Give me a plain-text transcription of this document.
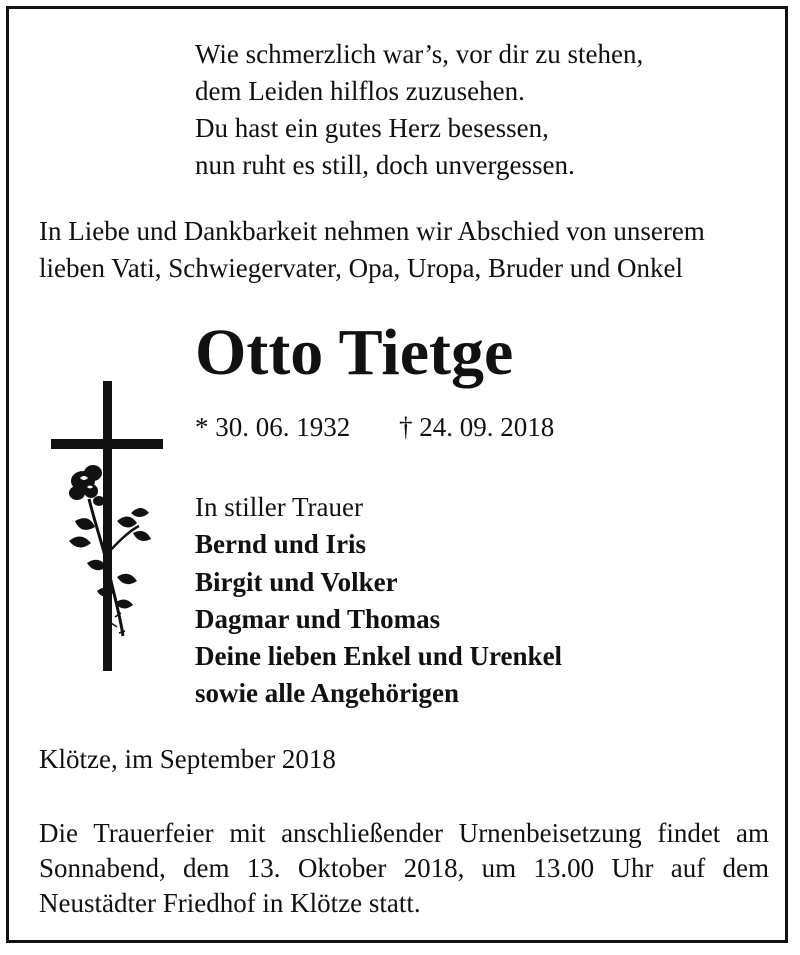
Wie schmerzlich war’s, vor dir zu stehen,
dem Leiden hilflos zuzusehen.
Du hast ein gutes Herz besessen,
nun ruht es still, doch unvergessen.
In Liebe und Dankbarkeit nehmen wir Abschied von unserem
lieben Vati, Schwiegervater, Opa, Uropa, Bruder und Onkel
Otto Tietge
* 30. 06. 1932 † 24. 09. 2018
In stiller Trauer
Bernd und Iris
Birgit und Volker
Dagmar und Thomas
Deine lieben Enkel und Urenkel
sowie alle Angehörigen
Klötze, im September 2018
Die Trauerfeier mit anschließender Urnenbeisetzung findet am
Sonnabend, dem 13. Oktober 2018, um 13.00 Uhr auf dem
Neustädter Friedhof in Klötze statt.
